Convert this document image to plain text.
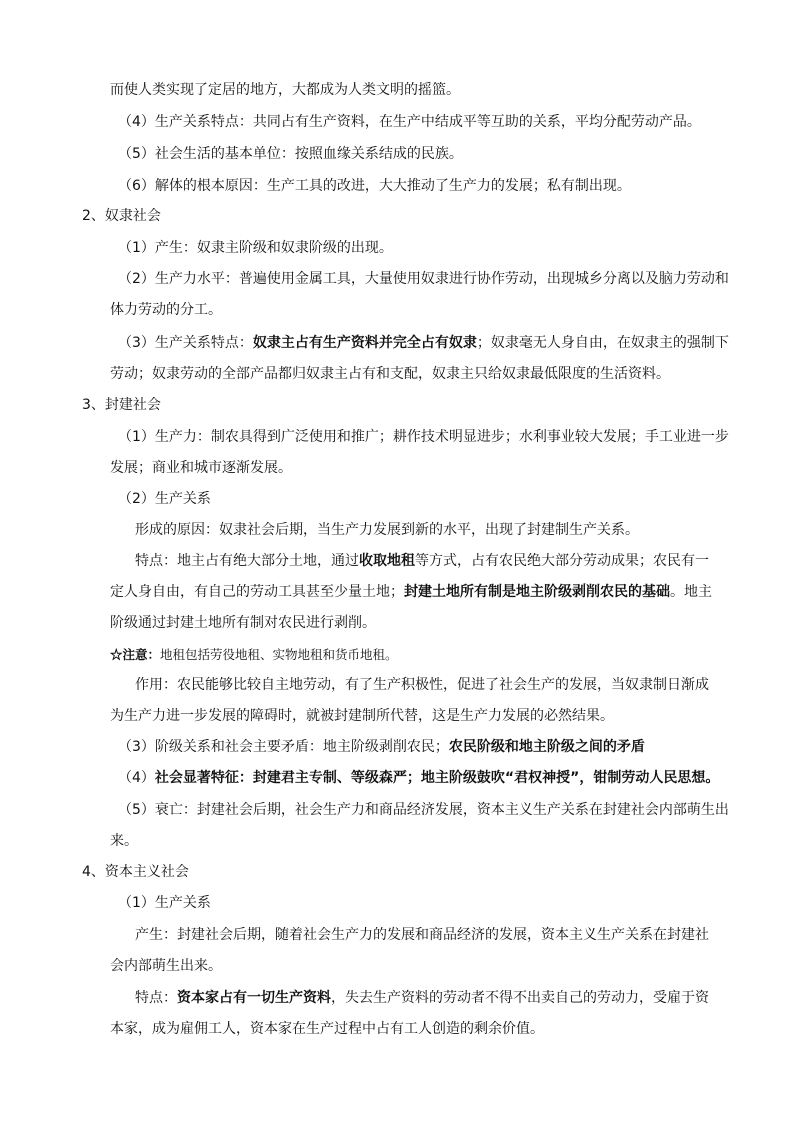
而使人类实现了定居的地方，大都成为人类文明的摇篮。
（4）生产关系特点：共同占有生产资料，在生产中结成平等互助的关系，平均分配劳动产品。
（5）社会生活的基本单位：按照血缘关系结成的民族。
（6）解体的根本原因：生产工具的改进，大大推动了生产力的发展；私有制出现。
2、奴隶社会
（1）产生：奴隶主阶级和奴隶阶级的出现。
（2）生产力水平：普遍使用金属工具，大量使用奴隶进行协作劳动，出现城乡分离以及脑力劳动和
体力劳动的分工。
（3）生产关系特点：奴隶主占有生产资料并完全占有奴隶；奴隶毫无人身自由，在奴隶主的强制下
劳动；奴隶劳动的全部产品都归奴隶主占有和支配，奴隶主只给奴隶最低限度的生活资料。
3、封建社会
（1）生产力：制农具得到广泛使用和推广；耕作技术明显进步；水利事业较大发展；手工业进一步
发展；商业和城市逐渐发展。
（2）生产关系
形成的原因：奴隶社会后期，当生产力发展到新的水平，出现了封建制生产关系。
特点：地主占有绝大部分土地，通过收取地租等方式，占有农民绝大部分劳动成果；农民有一
定人身自由，有自己的劳动工具甚至少量土地；封建土地所有制是地主阶级剥削农民的基础。地主
阶级通过封建土地所有制对农民进行剥削。
☆注意：地租包括劳役地租、实物地租和货币地租。
作用：农民能够比较自主地劳动，有了生产积极性，促进了社会生产的发展，当奴隶制日渐成
为生产力进一步发展的障碍时，就被封建制所代替，这是生产力发展的必然结果。
（3）阶级关系和社会主要矛盾：地主阶级剥削农民；农民阶级和地主阶级之间的矛盾
（4）社会显著特征：封建君主专制、等级森严；地主阶级鼓吹“君权神授”，钳制劳动人民思想。
（5）衰亡：封建社会后期，社会生产力和商品经济发展，资本主义生产关系在封建社会内部萌生出
来。
4、资本主义社会
（1）生产关系
产生：封建社会后期，随着社会生产力的发展和商品经济的发展，资本主义生产关系在封建社
会内部萌生出来。
特点：资本家占有一切生产资料，失去生产资料的劳动者不得不出卖自己的劳动力，受雇于资
本家，成为雇佣工人，资本家在生产过程中占有工人创造的剩余价值。
